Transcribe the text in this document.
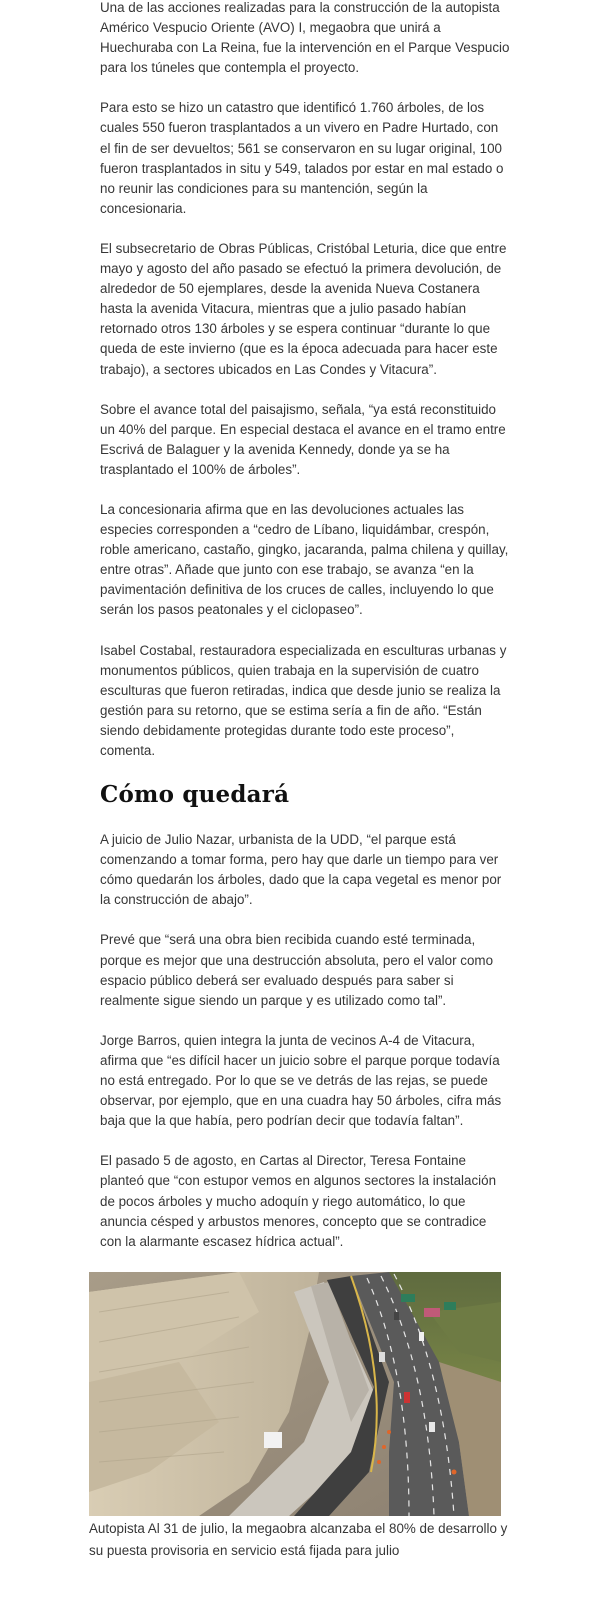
Una de las acciones realizadas para la construcción de la autopista Américo Vespucio Oriente (AVO) I, megaobra que unirá a Huechuraba con La Reina, fue la intervención en el Parque Vespucio para los túneles que contempla el proyecto.

Para esto se hizo un catastro que identificó 1.760 árboles, de los cuales 550 fueron trasplantados a un vivero en Padre Hurtado, con el fin de ser devueltos; 561 se conservaron en su lugar original, 100 fueron trasplantados in situ y 549, talados por estar en mal estado o no reunir las condiciones para su mantención, según la concesionaria.

El subsecretario de Obras Públicas, Cristóbal Leturia, dice que entre mayo y agosto del año pasado se efectuó la primera devolución, de alrededor de 50 ejemplares, desde la avenida Nueva Costanera hasta la avenida Vitacura, mientras que a julio pasado habían retornado otros 130 árboles y se espera continuar “durante lo que queda de este invierno (que es la época adecuada para hacer este trabajo), a sectores ubicados en Las Condes y Vitacura”.

Sobre el avance total del paisajismo, señala, “ya está reconstituido un 40% del parque. En especial destaca el avance en el tramo entre Escrivá de Balaguer y la avenida Kennedy, donde ya se ha trasplantado el 100% de árboles”.

La concesionaria afirma que en las devoluciones actuales las especies corresponden a “cedro de Líbano, liquidámbar, crespón, roble americano, castaño, gingko, jacaranda, palma chilena y quillay, entre otras”. Añade que junto con ese trabajo, se avanza “en la pavimentación definitiva de los cruces de calles, incluyendo lo que serán los pasos peatonales y el ciclopaseo”.

Isabel Costabal, restauradora especializada en esculturas urbanas y monumentos públicos, quien trabaja en la supervisión de cuatro esculturas que fueron retiradas, indica que desde junio se realiza la gestión para su retorno, que se estima sería a fin de año. “Están siendo debidamente protegidas durante todo este proceso”, comenta.

Cómo quedará

A juicio de Julio Nazar, urbanista de la UDD, “el parque está comenzando a tomar forma, pero hay que darle un tiempo para ver cómo quedarán los árboles, dado que la capa vegetal es menor por la construcción de abajo”.

Prevé que “será una obra bien recibida cuando esté terminada, porque es mejor que una destrucción absoluta, pero el valor como espacio público deberá ser evaluado después para saber si realmente sigue siendo un parque y es utilizado como tal”.

Jorge Barros, quien integra la junta de vecinos A-4 de Vitacura, afirma que “es difícil hacer un juicio sobre el parque porque todavía no está entregado. Por lo que se ve detrás de las rejas, se puede observar, por ejemplo, que en una cuadra hay 50 árboles, cifra más baja que la que había, pero podrían decir que todavía faltan”.

El pasado 5 de agosto, en Cartas al Director, Teresa Fontaine planteó que “con estupor vemos en algunos sectores la instalación de pocos árboles y mucho adoquín y riego automático, lo que anuncia césped y arbustos menores, concepto que se contradice con la alarmante escasez hídrica actual”.

Autopista Al 31 de julio, la megaobra alcanzaba el 80% de desarrollo y su puesta provisoria en servicio está fijada para julio
